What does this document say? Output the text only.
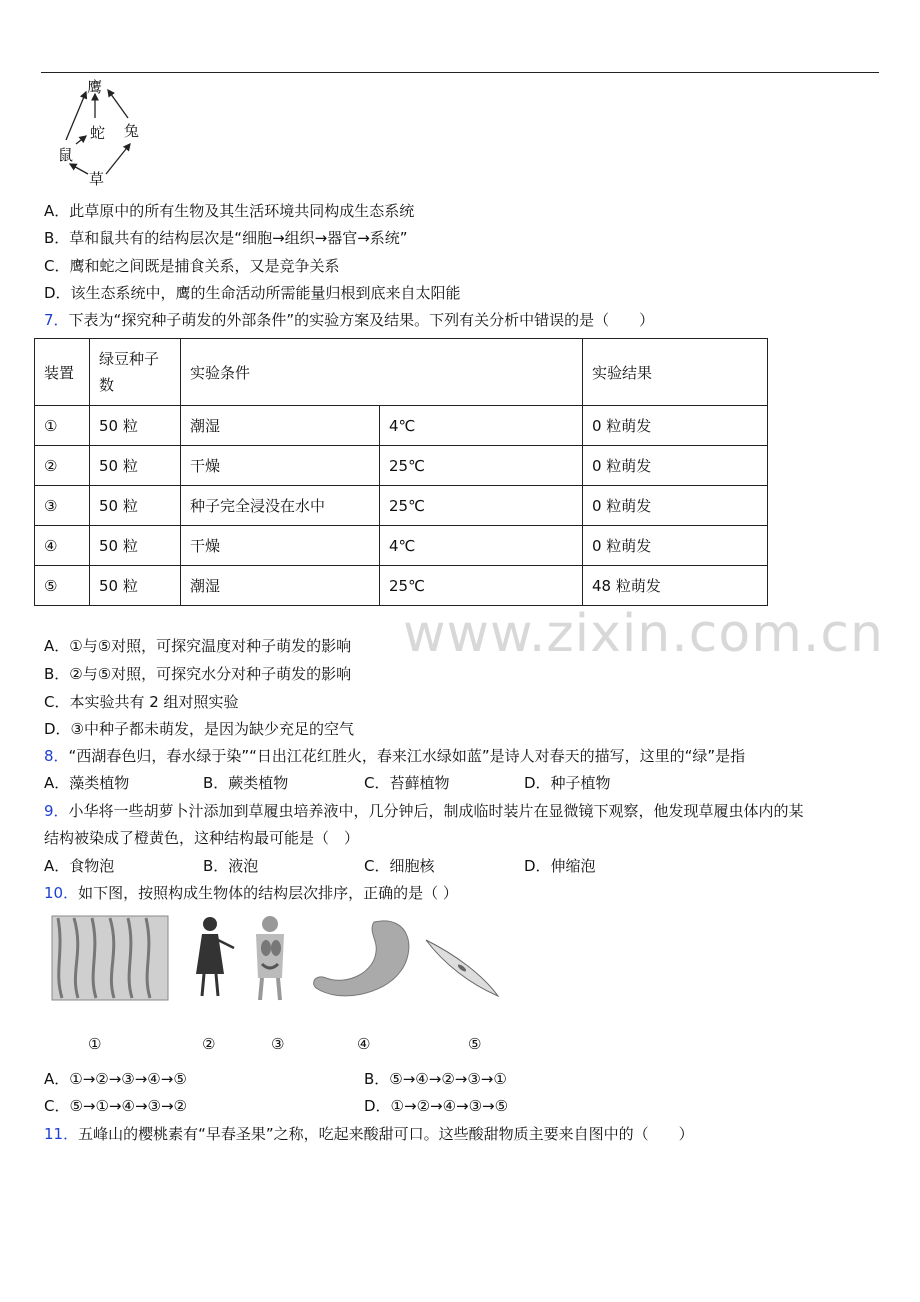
鹰
蛇 兔
鼠
草
A．此草原中的所有生物及其生活环境共同构成生态系统
B．草和鼠共有的结构层次是“细胞→组织→器官→系统”
C．鹰和蛇之间既是捕食关系，又是竞争关系
D．该生态系统中，鹰的生命活动所需能量归根到底来自太阳能
7．下表为“探究种子萌发的外部条件”的实验方案及结果。下列有关分析中错误的是（　　）
装置	绿豆种子数	实验条件		实验结果
①	50 粒	潮湿	4℃	0 粒萌发
②	50 粒	干燥	25℃	0 粒萌发
③	50 粒	种子完全浸没在水中	25℃	0 粒萌发
④	50 粒	干燥	4℃	0 粒萌发
⑤	50 粒	潮湿	25℃	48 粒萌发
www.zixin.com.cn
A．①与⑤对照，可探究温度对种子萌发的影响
B．②与⑤对照，可探究水分对种子萌发的影响
C．本实验共有 2 组对照实验
D．③中种子都未萌发，是因为缺少充足的空气
8．“西湖春色归，春水绿于染”“日出江花红胜火，春来江水绿如蓝”是诗人对春天的描写，这里的“绿”是指
A．藻类植物	B．蕨类植物	C．苔藓植物	D．种子植物
9．小华将一些胡萝卜汁添加到草履虫培养液中，几分钟后，制成临时装片在显微镜下观察，他发现草履虫体内的某
结构被染成了橙黄色，这种结构最可能是（　）
A．食物泡	B．液泡	C．细胞核	D．伸缩泡
10．如下图，按照构成生物体的结构层次排序，正确的是（ ）
①	②	③	④	⑤
A．①→②→③→④→⑤	B．⑤→④→②→③→①
C．⑤→①→④→③→②	D．①→②→④→③→⑤
11．五峰山的樱桃素有“早春圣果”之称，吃起来酸甜可口。这些酸甜物质主要来自图中的（　　）
